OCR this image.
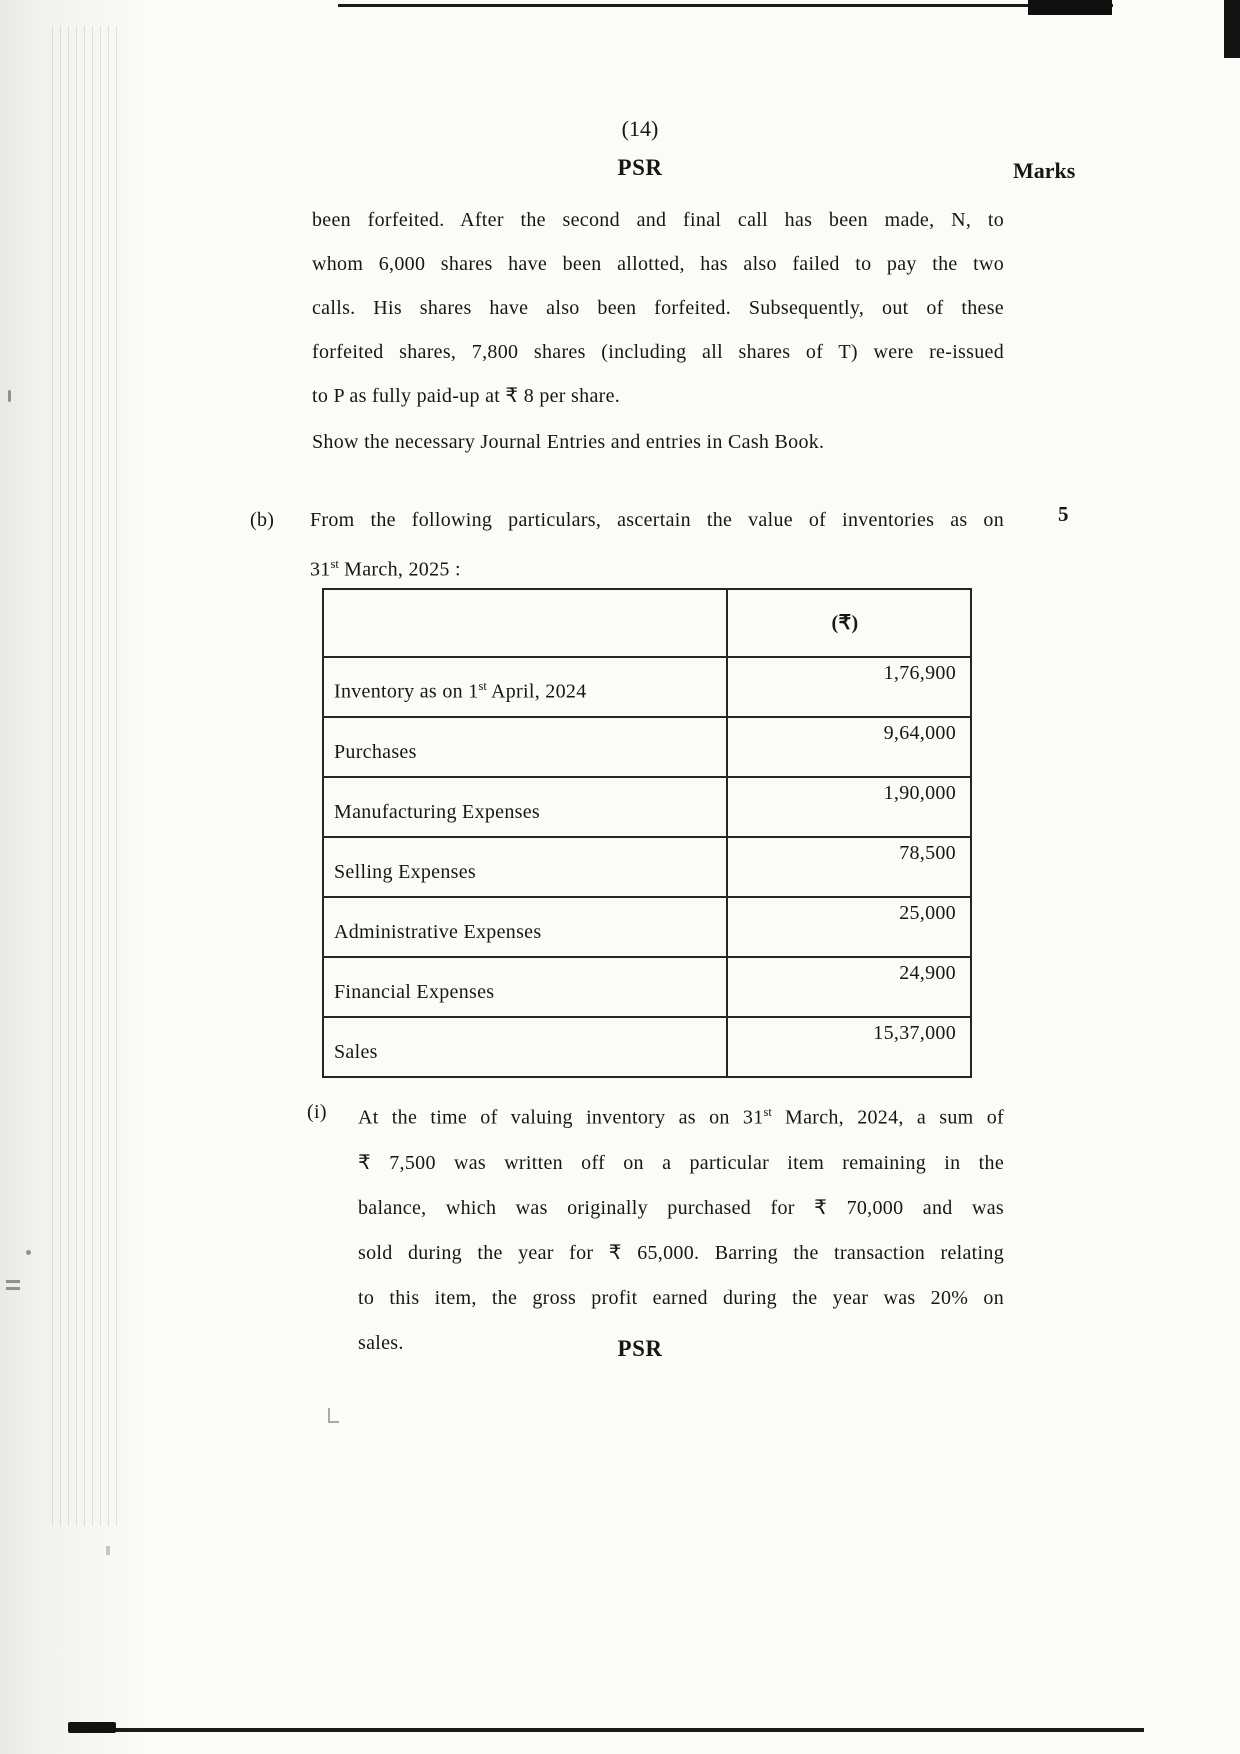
(14)
PSR	Marks
been forfeited. After the second and final call has been made, N, to
whom 6,000 shares have been allotted, has also failed to pay the two
calls. His shares have also been forfeited. Subsequently, out of these
forfeited shares, 7,800 shares (including all shares of T) were re-issued
to P as fully paid-up at ₹ 8 per share.
Show the necessary Journal Entries and entries in Cash Book.
(b) From the following particulars, ascertain the value of inventories as on
31st March, 2025 :
5
	(₹)
Inventory as on 1st April, 2024	1,76,900
Purchases	9,64,000
Manufacturing Expenses	1,90,000
Selling Expenses	78,500
Administrative Expenses	25,000
Financial Expenses	24,900
Sales	15,37,000
(i) At the time of valuing inventory as on 31st March, 2024, a sum of
₹ 7,500 was written off on a particular item remaining in the
balance, which was originally purchased for ₹ 70,000 and was
sold during the year for ₹ 65,000. Barring the transaction relating
to this item, the gross profit earned during the year was 20% on
sales.	PSR
